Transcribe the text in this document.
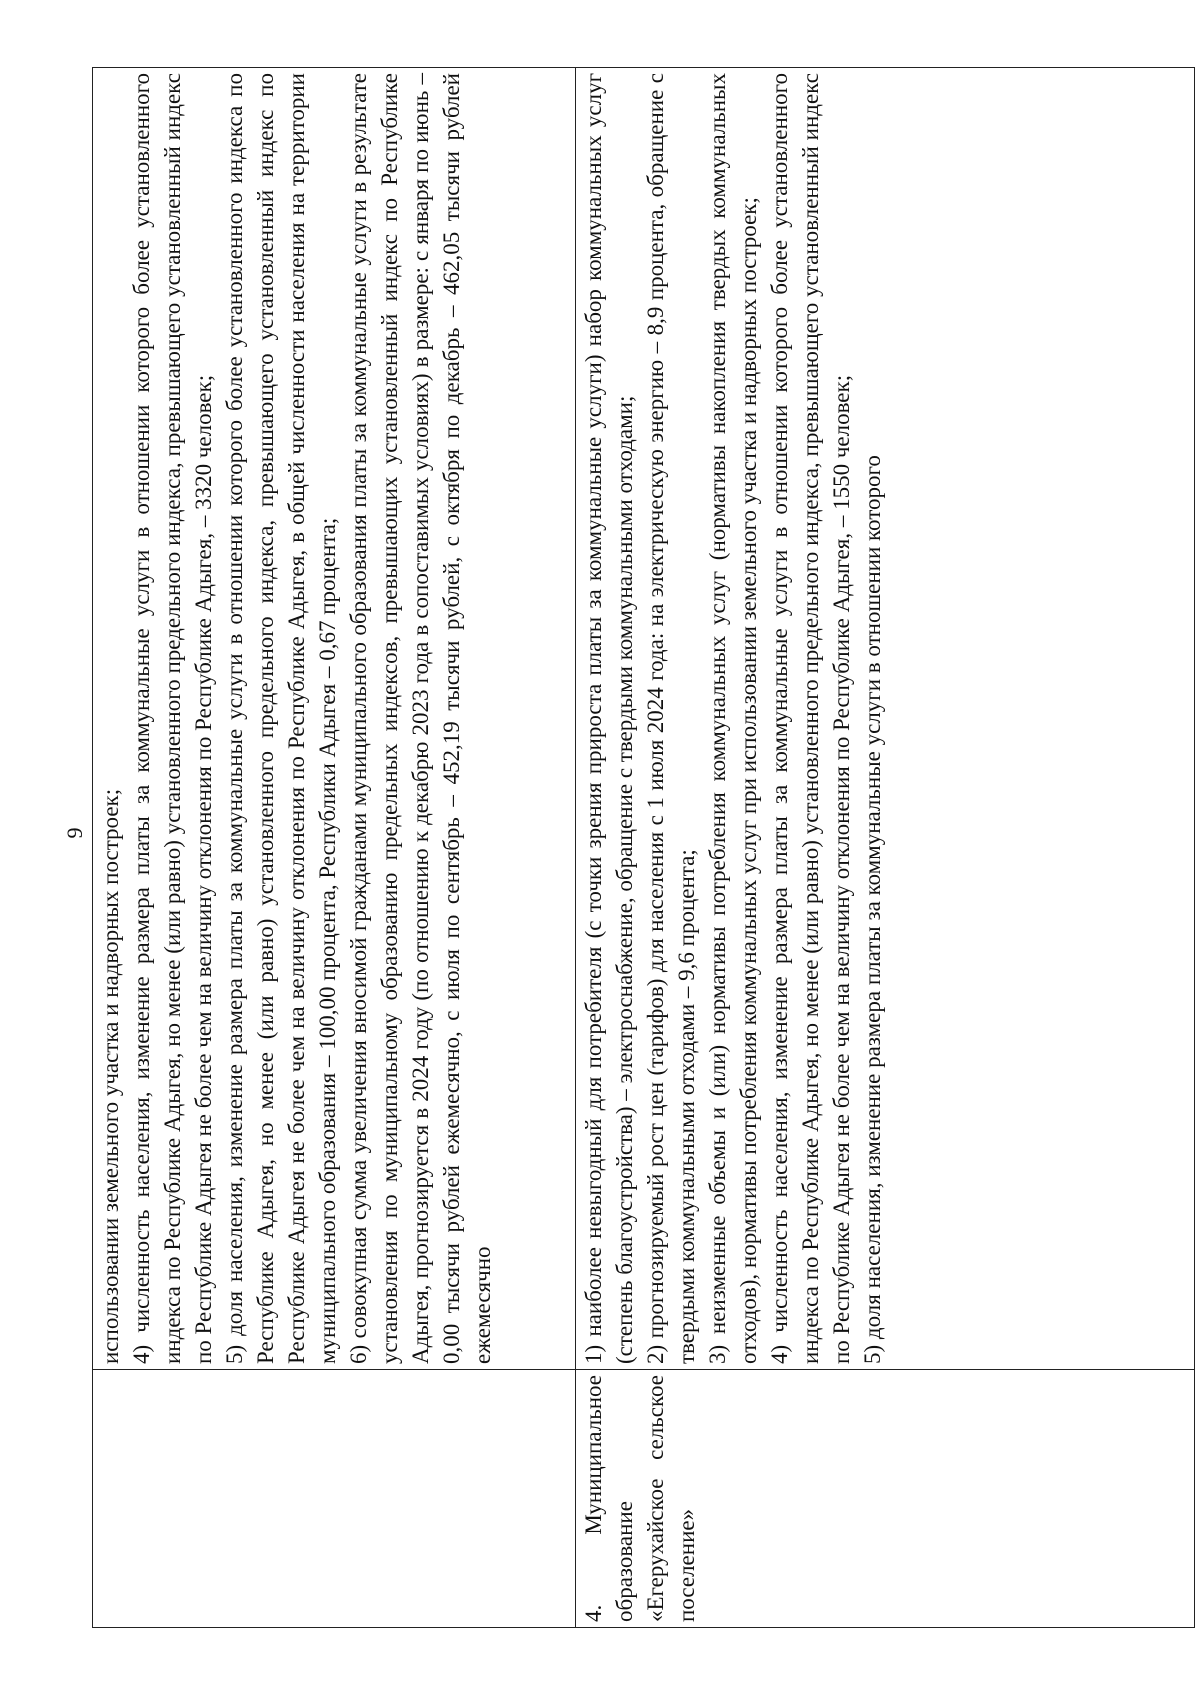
9

	использовании земельного участка и надворных построек; 4) численность населения, изменение размера платы за коммунальные услуги в отношении которого более установленного индекса по Республике Адыгея, но менее (или равно) установленного предельного индекса, превышающего установленный индекс по Республике Адыгея не более чем на величину отклонения по Республике Адыгея, – 3320 человек; 5) доля населения, изменение размера платы за коммунальные услуги в отношении которого более установленного индекса по Республике Адыгея, но менее (или равно) установленного предельного индекса, превышающего установленный индекс по Республике Адыгея не более чем на величину отклонения по Республике Адыгея, в общей численности населения на территории муниципального образования – 100,00 процента, Республики Адыгея – 0,67 процента; 6) совокупная сумма увеличения вносимой гражданами муниципального образования платы за коммунальные услуги в результате установления по муниципальному образованию предельных индексов, превышающих установленный индекс по Республике Адыгея, прогнозируется в 2024 году (по отношению к декабрю 2023 года в сопоставимых условиях) в размере: с января по июнь – 0,00 тысячи рублей ежемесячно, с июля по сентябрь – 452,19 тысячи рублей, с октября по декабрь – 462,05 тысячи рублей ежемесячно

4. Муниципальное образование «Егерухайское сельское поселение»	1) наиболее невыгодный для потребителя (с точки зрения прироста платы за коммунальные услуги) набор коммунальных услуг (степень благоустройства) – электроснабжение, обращение с твердыми коммунальными отходами; 2) прогнозируемый рост цен (тарифов) для населения с 1 июля 2024 года: на электрическую энергию – 8,9 процента, обращение с твердыми коммунальными отходами – 9,6 процента; 3) неизменные объемы и (или) нормативы потребления коммунальных услуг (нормативы накопления твердых коммунальных отходов), нормативы потребления коммунальных услуг при использовании земельного участка и надворных построек; 4) численность населения, изменение размера платы за коммунальные услуги в отношении которого более установленного индекса по Республике Адыгея, но менее (или равно) установленного предельного индекса, превышающего установленный индекс по Республике Адыгея не более чем на величину отклонения по Республике Адыгея, – 1550 человек; 5) доля населения, изменение размера платы за коммунальные услуги в отношении которого
